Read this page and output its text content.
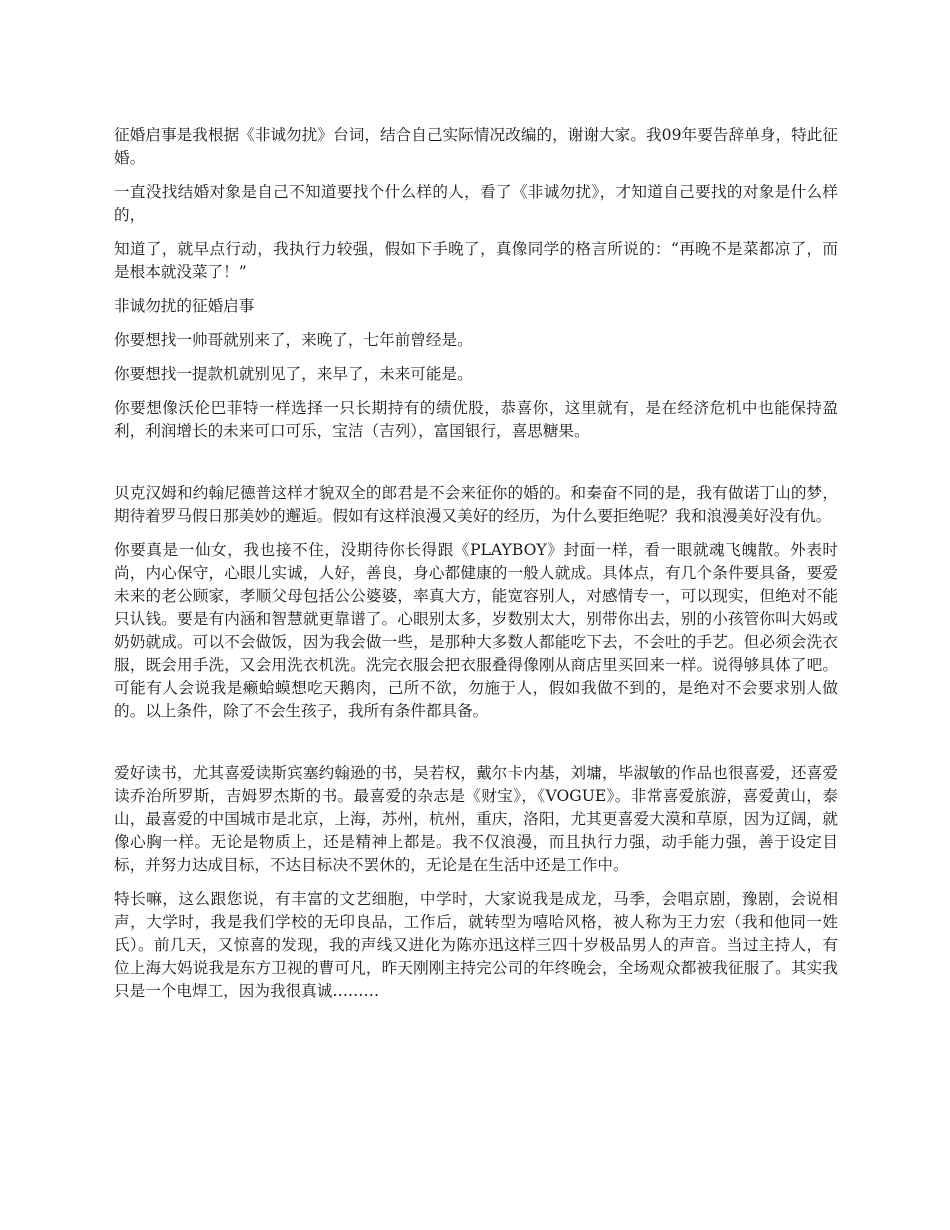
征婚启事是我根据《非诚勿扰》台词，结合自己实际情况改编的，谢谢大家。我09年要告辞单身，特此征婚。

一直没找结婚对象是自己不知道要找个什么样的人，看了《非诚勿扰》，才知道自己要找的对象是什么样的，

知道了，就早点行动，我执行力较强，假如下手晚了，真像同学的格言所说的：“再晚不是菜都凉了，而是根本就没菜了！”

非诚勿扰的征婚启事

你要想找一帅哥就别来了，来晚了，七年前曾经是。

你要想找一提款机就别见了，来早了，未来可能是。

你要想像沃伦巴菲特一样选择一只长期持有的绩优股，恭喜你，这里就有，是在经济危机中也能保持盈利，利润增长的未来可口可乐，宝洁（吉列），富国银行，喜思糖果。

贝克汉姆和约翰尼德普这样才貌双全的郎君是不会来征你的婚的。和秦奋不同的是，我有做诺丁山的梦，期待着罗马假日那美妙的邂逅。假如有这样浪漫又美好的经历，为什么要拒绝呢？我和浪漫美好没有仇。

你要真是一仙女，我也接不住，没期待你长得跟《PLAYBOY》封面一样，看一眼就魂飞魄散。外表时尚，内心保守，心眼儿实诚，人好，善良，身心都健康的一般人就成。具体点，有几个条件要具备，要爱未来的老公顾家，孝顺父母包括公公婆婆，率真大方，能宽容别人，对感情专一，可以现实，但绝对不能只认钱。要是有内涵和智慧就更靠谱了。心眼别太多，岁数别太大，别带你出去，别的小孩管你叫大妈或奶奶就成。可以不会做饭，因为我会做一些，是那种大多数人都能吃下去，不会吐的手艺。但必须会洗衣服，既会用手洗，又会用洗衣机洗。洗完衣服会把衣服叠得像刚从商店里买回来一样。说得够具体了吧。可能有人会说我是癞蛤蟆想吃天鹅肉，己所不欲，勿施于人，假如我做不到的，是绝对不会要求别人做的。以上条件，除了不会生孩子，我所有条件都具备。

爱好读书，尤其喜爱读斯宾塞约翰逊的书，吴若权，戴尔卡内基，刘墉，毕淑敏的作品也很喜爱，还喜爱读乔治所罗斯，吉姆罗杰斯的书。最喜爱的杂志是《财宝》，《VOGUE》。非常喜爱旅游，喜爱黄山，泰山，最喜爱的中国城市是北京，上海，苏州，杭州，重庆，洛阳，尤其更喜爱大漠和草原，因为辽阔，就像心胸一样。无论是物质上，还是精神上都是。我不仅浪漫，而且执行力强，动手能力强，善于设定目标，并努力达成目标，不达目标决不罢休的，无论是在生活中还是工作中。

特长嘛，这么跟您说，有丰富的文艺细胞，中学时，大家说我是成龙，马季，会唱京剧，豫剧，会说相声，大学时，我是我们学校的无印良品，工作后，就转型为嘻哈风格，被人称为王力宏（我和他同一姓氏）。前几天，又惊喜的发现，我的声线又进化为陈亦迅这样三四十岁极品男人的声音。当过主持人，有位上海大妈说我是东方卫视的曹可凡，昨天刚刚主持完公司的年终晚会，全场观众都被我征服了。其实我只是一个电焊工，因为我很真诚………
